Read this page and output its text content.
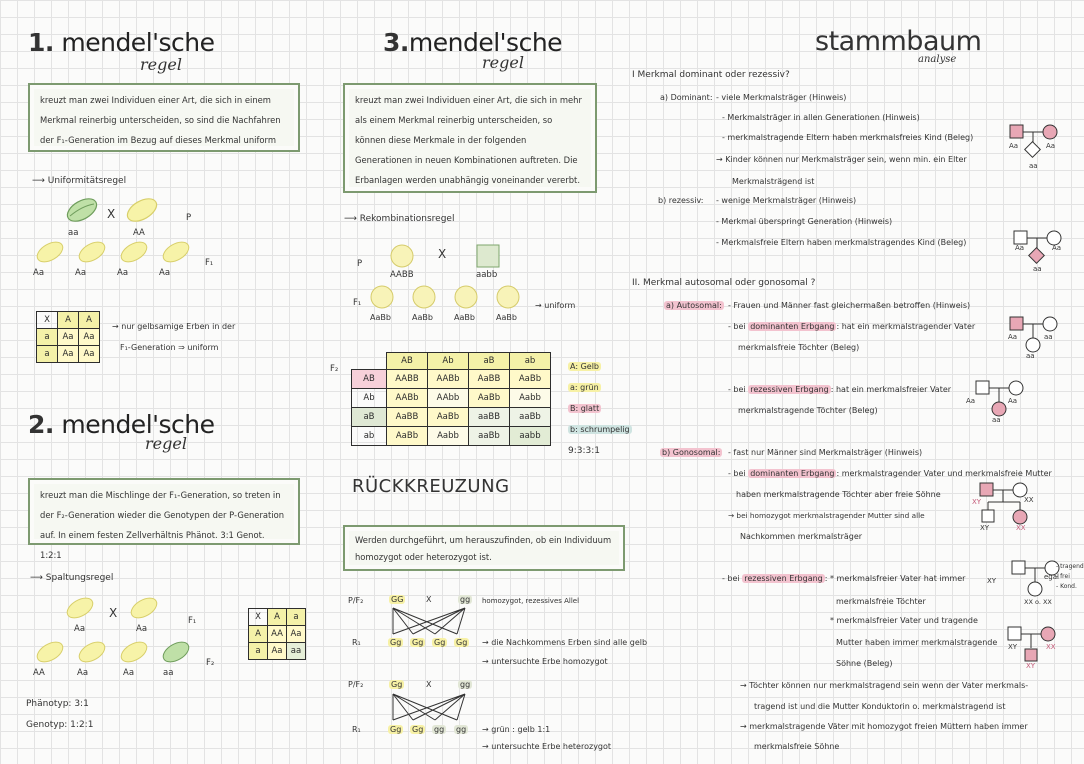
1. mendel'sche
regel
kreuzt man zwei Individuen einer Art, die sich in einem Merkmal reinerbig unterscheiden, so sind die Nachfahren der F₁-Generation im Bezug auf dieses Merkmal uniform
⟶ Uniformitätsregel
aa
X
AA
P
Aa	Aa	Aa	Aa
F₁
X	A	A
a	Aa	Aa
a	Aa	Aa
→ nur gelbsamige Erben in der
F₁-Generation ⇒ uniform
2. mendel'sche
regel
kreuzt man die Mischlinge der F₁-Generation, so treten in der F₂-Generation wieder die Genotypen der P-Generation auf. In einem festen Zellverhältnis Phänot. 3:1 Genot. 1:2:1
⟶ Spaltungsregel
Aa
X
Aa
F₁
AA	Aa	Aa	aa
F₂
X	A	a
A	AA	Aa
a	Aa	aa
Phänotyp: 3:1
Genotyp: 1:2:1
3.mendel'sche
regel
kreuzt man zwei Individuen einer Art, die sich in mehr als einem Merkmal reinerbig unterscheiden, so können diese Merkmale in der folgenden Generationen in neuen Kombinationen auftreten. Die Erbanlagen werden unabhängig voneinander vererbt.
⟶ Rekombinationsregel
P
AABB
X
aabb
F₁
AaBb	AaBb	AaBb	AaBb
→ uniform
F₂
	AB	Ab	aB	ab
AB	AABB	AABb	AaBB	AaBb
Ab	AABb	AAbb	AaBb	Aabb
aB	AaBB	AaBb	aaBB	aaBb
ab	AaBb	Aabb	aaBb	aabb
A: Gelb
a: grün
B: glatt
b: schrumpelig
9:3:3:1
RÜCKKREUZUNG
Werden durchgeführt, um herauszufinden, ob ein Individuum homozygot oder heterozygot ist.
P/F₂	GG	X	gg homozygot, rezessives Allel
R₁	Gg Gg Gg Gg → die Nachkommens Erben sind alle gelb
→ untersuchte Erbe homozygot
P/F₂	Gg	X	gg
R₁	Gg Gg gg gg → grün : gelb 1:1
→ untersuchte Erbe heterozygot
stammbaum
analyse
I Merkmal dominant oder rezessiv?
a) Dominant: - viele Merkmalsträger (Hinweis)
- Merkmalsträger in allen Generationen (Hinweis)
- merkmalstragende Eltern haben merkmalsfreies Kind (Beleg)
→ Kinder können nur Merkmalsträger sein, wenn min. ein Elter
Merkmalsträgend ist
b) rezessiv: - wenige Merkmalsträger (Hinweis)
- Merkmal überspringt Generation (Hinweis)
- Merkmalsfreie Eltern haben merkmalstragendes Kind (Beleg)
II. Merkmal autosomal oder gonosomal ?
a) Autosomal: - Frauen und Männer fast gleichermaßen betroffen (Hinweis)
- bei dominanten Erbgang : hat ein merkmalstragender Vater
merkmalsfreie Töchter (Beleg)
- bei rezessiven Erbgang : hat ein merkmalsfreier Vater
merkmalstragende Töchter (Beleg)
b) Gonosomal: - fast nur Männer sind Merkmalsträger (Hinweis)
- bei dominanten Erbgang : merkmalstragender Vater und merkmalsfreie Mutter
haben merkmalstragende Töchter aber freie Söhne
→ bei homozygot merkmalstragender Mutter sind alle
Nachkommen merkmalsträger
- bei rezessiven Erbgang : * merkmalsfreier Vater hat immer
merkmalsfreie Töchter
* merkmalsfreier Vater und tragende
Mutter haben immer merkmalstragende
Söhne (Beleg)
→ Töchter können nur merkmalstragend sein wenn der Vater merkmals-
tragend ist und die Mutter Konduktorin o. merkmalstragend ist
→ merkmalstragende Väter mit homozygot freien Müttern haben immer
merkmalsfreie Söhne
Aa	Aa
aa
Aa	Aa
aa
Aa	aa
aa
Aa	Aa
aa
XY	XX
XY	XX
XY	egal
XX o. XX
- tragend
- frei
- Kond.
XY	XX
XY
